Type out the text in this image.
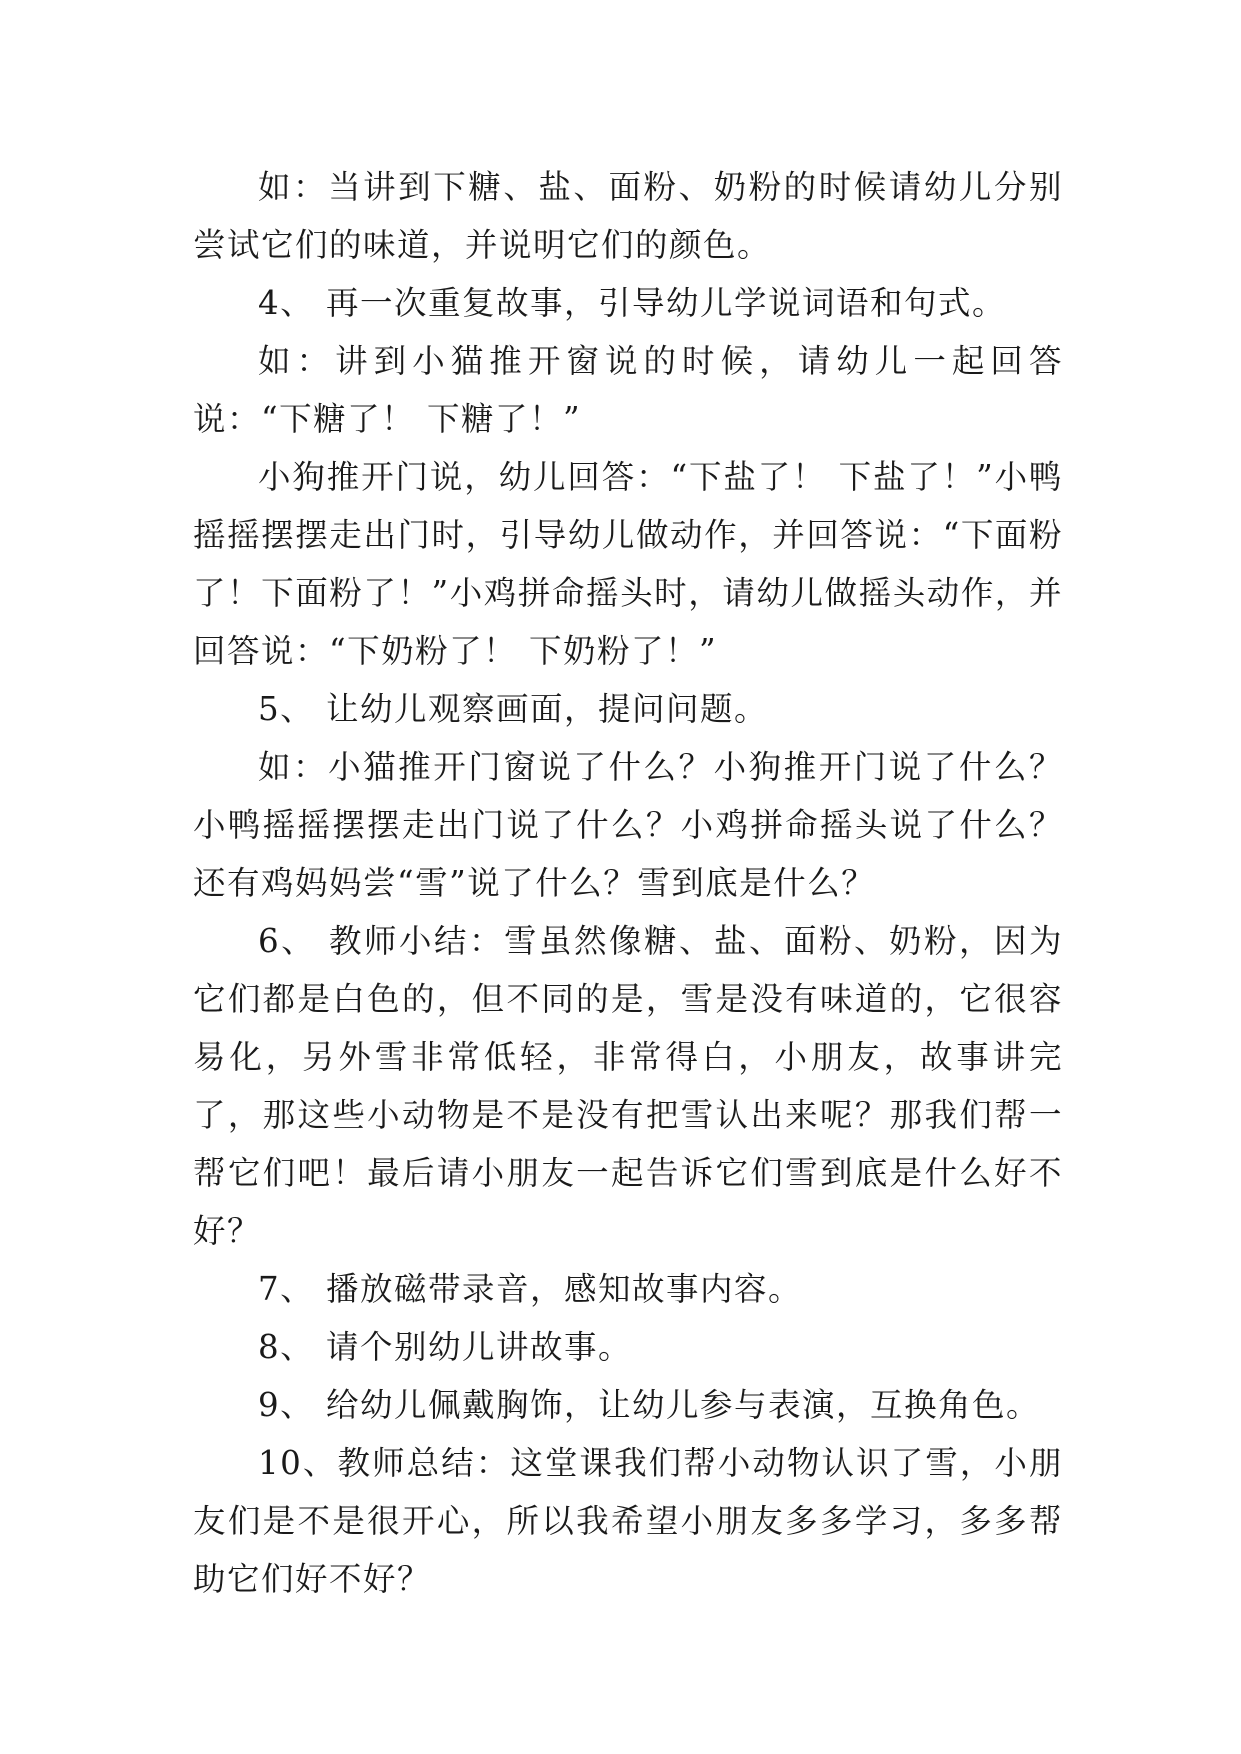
如：当讲到下糖、盐、面粉、奶粉的时候请幼儿分别尝试它们的味道，并说明它们的颜色。

4、 再一次重复故事，引导幼儿学说词语和句式。

如：讲到小猫推开窗说的时候，请幼儿一起回答说：“下糖了！ 下糖了！”

小狗推开门说，幼儿回答：“下盐了！ 下盐了！”小鸭摇摇摆摆走出门时，引导幼儿做动作，并回答说：“下面粉了！下面粉了！”小鸡拼命摇头时，请幼儿做摇头动作，并回答说：“下奶粉了！ 下奶粉了！”

5、 让幼儿观察画面，提问问题。

如：小猫推开门窗说了什么？小狗推开门说了什么？小鸭摇摇摆摆走出门说了什么？小鸡拼命摇头说了什么？还有鸡妈妈尝“雪”说了什么？雪到底是什么？

6、 教师小结：雪虽然像糖、盐、面粉、奶粉，因为它们都是白色的，但不同的是，雪是没有味道的，它很容易化，另外雪非常低轻，非常得白，小朋友，故事讲完了，那这些小动物是不是没有把雪认出来呢？那我们帮一帮它们吧！最后请小朋友一起告诉它们雪到底是什么好不好？

7、 播放磁带录音，感知故事内容。

8、 请个别幼儿讲故事。

9、 给幼儿佩戴胸饰，让幼儿参与表演，互换角色。

10、教师总结：这堂课我们帮小动物认识了雪，小朋友们是不是很开心，所以我希望小朋友多多学习，多多帮助它们好不好？
